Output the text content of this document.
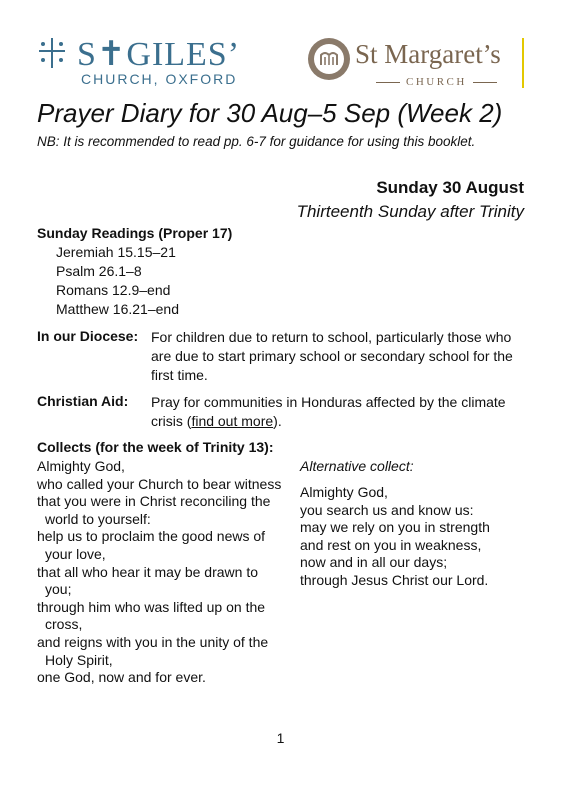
S✝GILES’
CHURCH, OXFORD
St Margaret’s
CHURCH
Prayer Diary for 30 Aug–5 Sep (Week 2)
NB: It is recommended to read pp. 6-7 for guidance for using this booklet.
Sunday 30 August
Thirteenth Sunday after Trinity
Sunday Readings (Proper 17)
Jeremiah 15.15–21
Psalm 26.1–8
Romans 12.9–end
Matthew 16.21–end
In our Diocese: For children due to return to school, particularly those who are due to start primary school or secondary school for the first time.
Christian Aid: Pray for communities in Honduras affected by the climate crisis (find out more).
Collects (for the week of Trinity 13):
Almighty God,
who called your Church to bear witness
that you were in Christ reconciling the world to yourself:
help us to proclaim the good news of your love,
that all who hear it may be drawn to you;
through him who was lifted up on the cross,
and reigns with you in the unity of the Holy Spirit,
one God, now and for ever.
Alternative collect:
Almighty God,
you search us and know us:
may we rely on you in strength
and rest on you in weakness,
now and in all our days;
through Jesus Christ our Lord.
1
